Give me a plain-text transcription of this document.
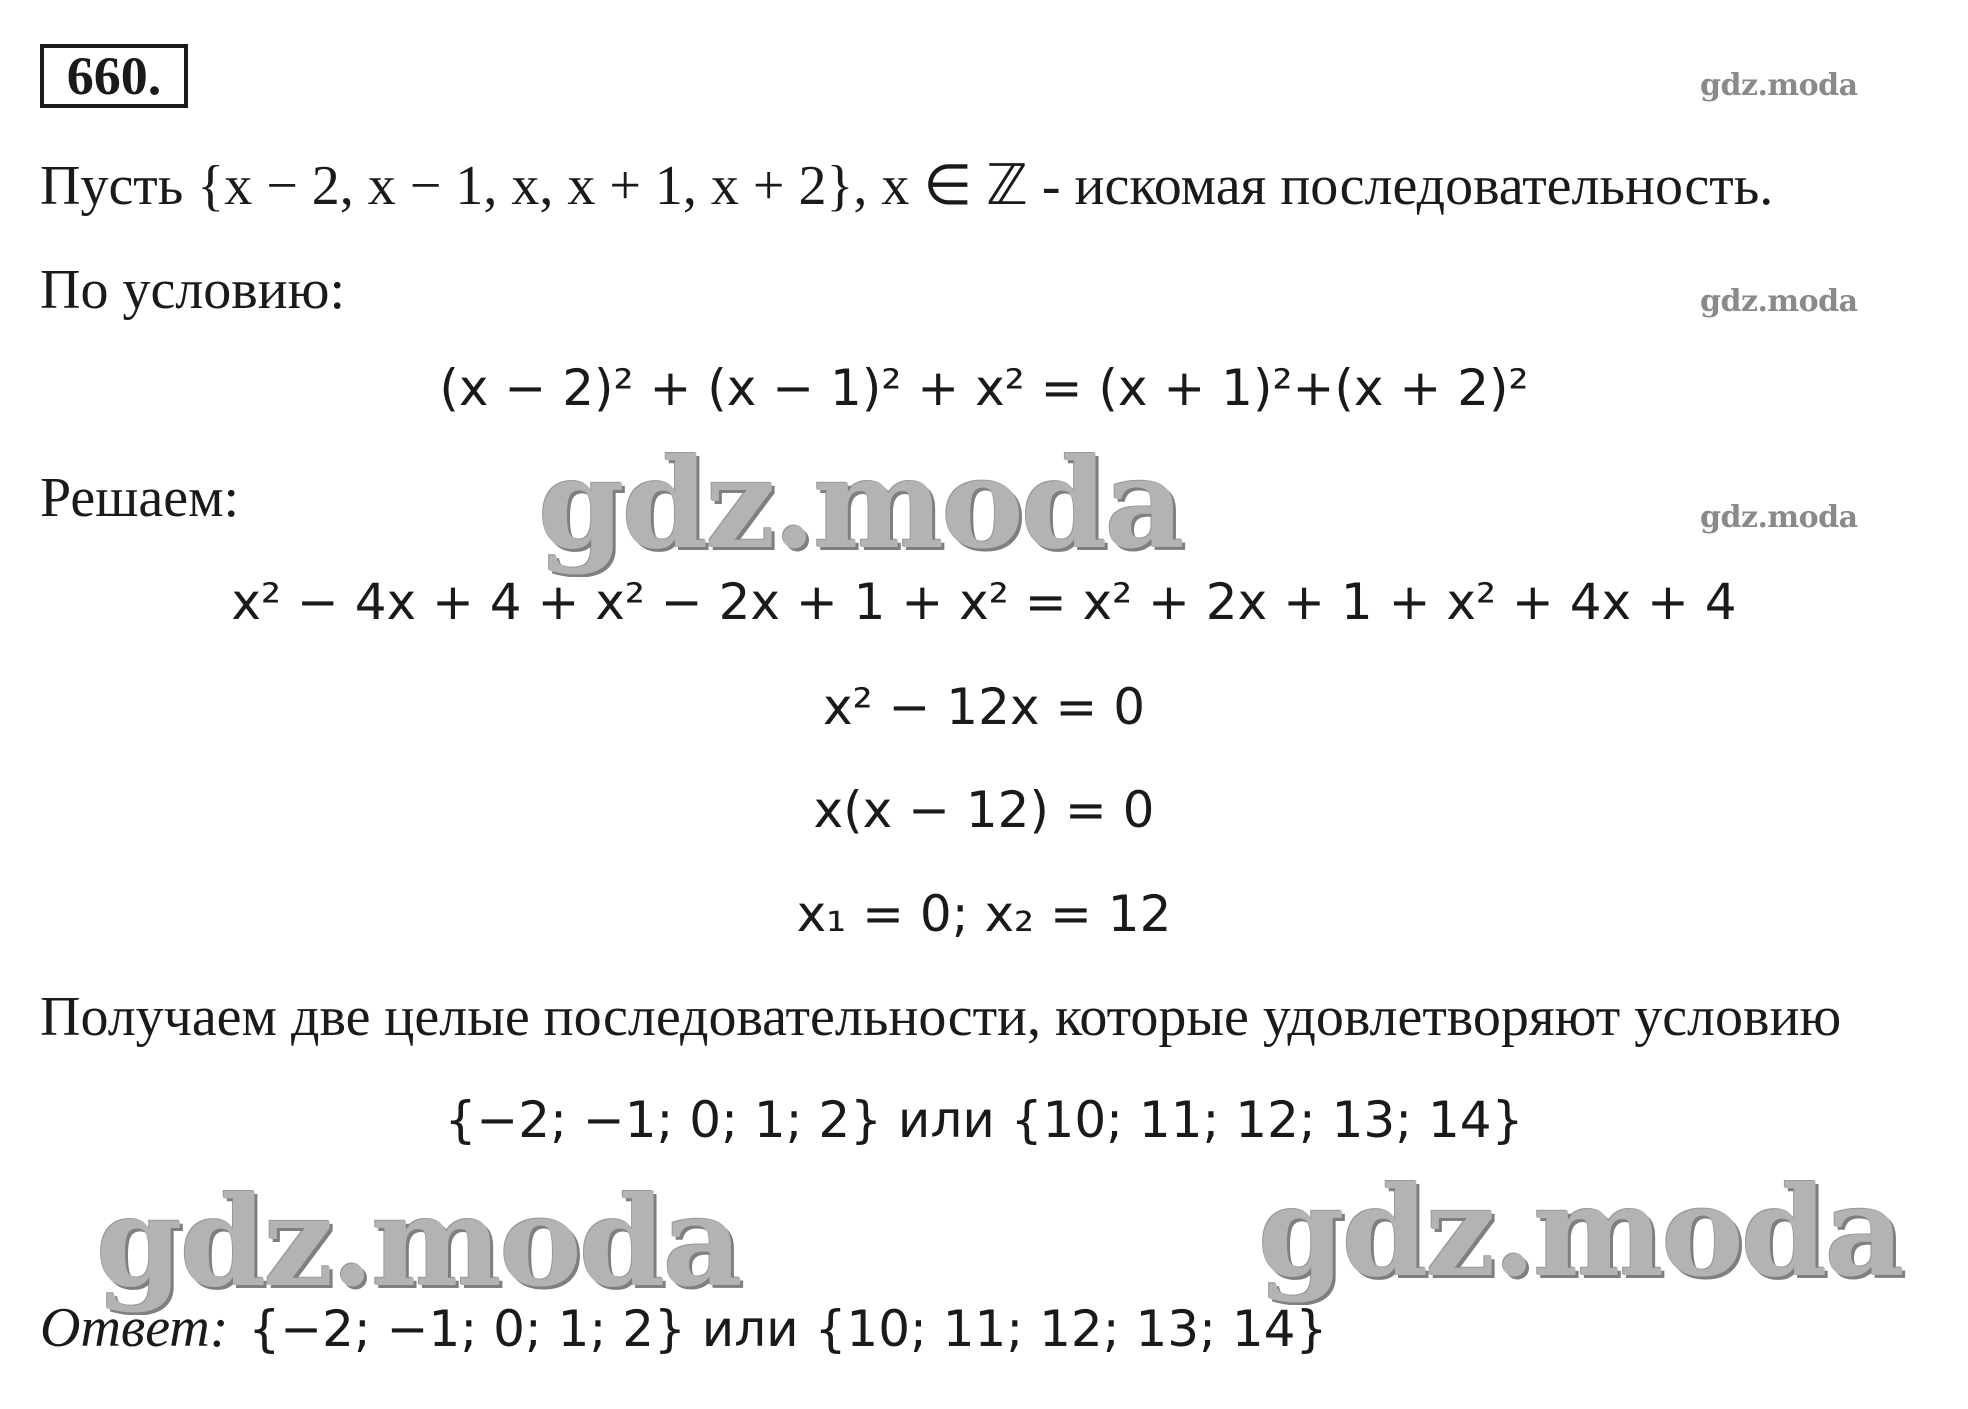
660.	gdz.moda
gdz.moda
gdz.moda
Пусть {x − 2, x − 1, x, x + 1, x + 2}, x ∈ ℤ - искомая последовательность.
По условию:
(x − 2)² + (x − 1)² + x² = (x + 1)²+(x + 2)²
Решаем: gdz.moda
x² − 4x + 4 + x² − 2x + 1 + x² = x² + 2x + 1 + x² + 4x + 4
x² − 12x = 0
x(x − 12) = 0
x₁ = 0; x₂ = 12
Получаем две целые последовательности, которые удовлетворяют условию
{−2; −1; 0; 1; 2} или {10; 11; 12; 13; 14}
gdz.moda	gdz.moda
Ответ: {−2; −1; 0; 1; 2} или {10; 11; 12; 13; 14}
